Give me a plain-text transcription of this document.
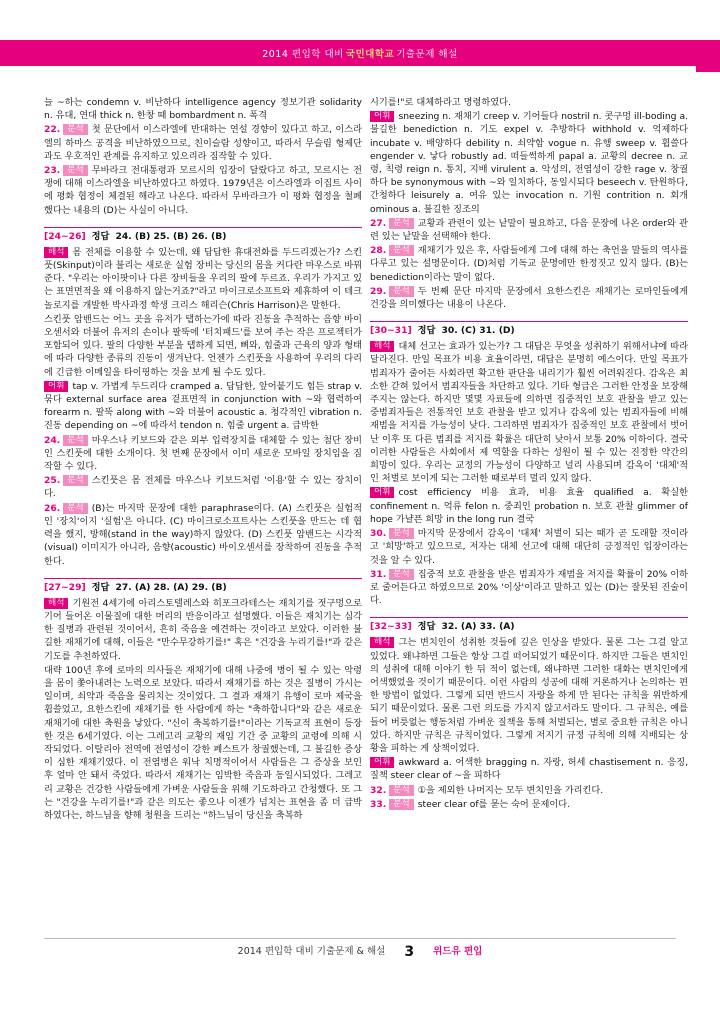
2014 편입학 대비 국민대학교 기출문제 해설

늘 ~하는 condemn v. 비난하다 intelligence agency 정보기관 solidarity n. 유대, 연대 thick n. 한창 때 bombardment n. 폭격

22. 분석 첫 문단에서 이스라엘에 반대하는 연설 경향이 있다고 하고, 이스라엘의 하마스 공격을 비난하였으므로, 친이슬람 성향이고, 따라서 무슬림 형제단과도 우호적인 관계를 유지하고 있으리라 짐작할 수 있다.

23. 분석 무바라크 전대통령과 모르시의 입장이 달랐다고 하고, 모르시는 전쟁에 대해 이스라엘을 비난하였다고 하였다. 1979년은 이스라엘과 이집트 사이에 평화 협정이 체결된 해라고 나온다. 따라서 무바라크가 이 평화 협정을 철폐했다는 내용의 (D)는 사실이 아니다.

[24~26] 정답 24. (B) 25. (B) 26. (B)

해석 몸 전체를 이용할 수 있는데, 왜 답답한 휴대전화를 두드리겠는가? 스킨풋(Skinput)이라 불리는 새로운 실험 장비는 당신의 몸을 커다란 마우스로 바꿔준다. "우리는 아이팟이나 다른 장비들을 우리의 팔에 두르죠. 우리가 가지고 있는 표면면적을 왜 이용하지 않는거죠?"라고 마이크로소프트와 제휴하여 이 테크놀로지를 개발한 박사과정 학생 크리스 해리슨(Chris Harrison)은 말한다.

스킨풋 암밴드는 어느 곳을 유저가 탭하는가에 따라 진동을 추적하는 음향 바이오센서와 더불어 유저의 손이나 팔뚝에 '터치패드'를 보여 주는 작은 프로젝터가 포함되어 있다. 팔의 다양한 부분을 탭하게 되면, 뼈와, 힘줄과 근육의 양과 형태에 따라 다양한 종류의 진동이 생겨난다. 언젠가 스킨풋을 사용하여 우리의 다리에 긴급한 이메일을 타이핑하는 것을 보게 될 수도 있다.

어휘 tap v. 가볍게 두드리다 cramped a. 답답한, 앞어붙기도 힘든 strap v. 묶다 external surface area 겉표면적 in conjunction with ~와 협력하여 forearm n. 팔뚝 along with ~와 더불어 acoustic a. 청각적인 vibration n. 진동 depending on ~에 따라서 tendon n. 힘줄 urgent a. 급박한

24. 분석 마우스나 키보드와 같은 외부 입력장치를 대체할 수 있는 첨단 장비인 스킨풋에 대한 소개이다. 첫 번째 문장에서 이미 새로운 모바일 장치임을 짐작할 수 있다.

25. 분석 스킨풋은 몸 전체를 마우스나 키보드처럼 '이용'할 수 있는 장치이다.

26. 분석 (B)는 마지막 문장에 대한 paraphrase이다. (A) 스킨풋은 실험적인 '장치'이지 '실험'은 아니다. (C) 마이크로소프트사는 스킨풋을 만드는 데 협력을 했지, 방해(stand in the way)하지 않았다. (D) 스킨풋 암밴드는 시각적(visual) 이미지가 아니라, 음향(acoustic) 바이오센서를 장착하여 진동을 추적한다.

[27~29] 정답 27. (A) 28. (A) 29. (B)

해석 기원전 4세기에 아리스토텔레스와 히포크라테스는 재치기를 젓구멍으로 기어 들어온 이물질에 대한 머리의 반응이라고 설명했다. 이들은 재치기는 심각한 질병과 관련된 것이어서, 흔히 죽음을 예견하는 것이라고 보았다. 이러한 불길한 재채기에 대해, 이들은 "만수무강하기를!" 혹은 "건강을 누리기를!"과 같은 기도를 추천하였다.

대략 100년 후에 로마의 의사들은 재채기에 대해 나중에 병이 될 수 있는 악령을 몸이 쫓아내려는 노력으로 보았다. 따라서 재채기를 하는 것은 질병이 가시는 일이며, 쇠약과 죽음을 물리치는 것이었다. 그 결과 재채기 유행이 로마 제국을 휩쓸었고, 요한스킨에 재채기를 한 사람에게 하는 "축하합니다"와 같은 새로운 재채기에 대한 축원을 낳았다. "신이 축복하기를!"이라는 기독교적 표현이 등장한 것은 6세기였다. 이는 그레고리 교황의 재임 기간 중 교황의 교령에 의해 시작되었다. 이탈리아 전역에 전염성이 강한 페스트가 창궐했는데, 그 불길한 증상이 심한 재채기였다. 이 전염병은 워낙 치명적이어서 사람들은 그 증상을 보인 후 얼마 안 돼서 죽었다. 따라서 재채기는 임박한 죽음과 동일시되었다. 그레고리 교황은 건강한 사람들에게 가벼운 사람들을 위해 기도하라고 간청했다. 또 그는 "건강을 누리기를!"과 같은 의도는 좋으나 이젠가 넘치는 표현을 좀 더 급박하였다는, 하느님을 향해 청원을 드리는 "하느님이 당신을 축복하

시기를!"로 대체하라고 명령하였다.

어휘 sneezing n. 재채기 creep v. 기어들다 nostril n. 콧구멍 ill-boding a. 불길한 benediction n. 기도 expel v. 추방하다 withhold v. 억제하다 incubate v. 배양하다 debility n. 쇠약함 vogue n. 유행 sweep v. 휩쓸다 engender v. 낳다 robustly ad. 떠들썩하게 papal a. 교황의 decree n. 교령, 칙령 reign n. 통치, 지배 virulent a. 악성의, 전염성이 강한 rage v. 창궐하다 be synonymous with ~와 일치하다, 동일시되다 beseech v. 탄원하다, 간청하다 leisurely a. 여유 있는 invocation n. 기원 contrition n. 회개 ominous a. 불길한 징조의

27. 분석 교황과 관련이 있는 낱말이 필요하고, 다음 문장에 나온 order와 관련 있는 낱말을 선택해야 한다.

28. 분석 재채기가 있은 후, 사람들에게 그에 대해 하는 축언을 말들의 역사를 다루고 있는 설명문이다. (D)처럼 기독교 문명에만 한정짓고 있지 않다. (B)는 benediction이라는 말이 없다.

29. 분석 두 번째 문단 마지막 문장에서 요한스킨은 재채기는 로마인들에게 건강을 의미했다는 내용이 나온다.

[30~31] 정답 30. (C) 31. (D)

해석 대체 선고는 효과가 있는가? 그 대답은 무엇을 성취하기 위해서냐에 따라 달라진다. 만일 목표가 비용 효율이라면, 대답은 분명히 예스이다. 만일 목표가 범죄자가 줄어든 사회라면 확고한 판단을 내리기가 훨씬 어려워진다. 감옥은 최소한 갇혀 있어서 범죄자들을 차단하고 있다. 기타 형급은 그러한 안정을 보장해주지는 않는다. 하지만 몇몇 자료들에 의하면 집중적인 보호 관찰을 받고 있는 중범죄자들은 전통적인 보호 관찰을 받고 있거나 감옥에 있는 범죄자들에 비해 재범을 저지를 가능성이 낮다. 그리하면 범죄자가 집중적인 보호 관찰에서 벗어난 이후 또 다른 범죄를 저지를 확률은 대단히 낮아서 보통 20% 이하이다. 결국 이러한 사람들은 사회에서 제 역할을 다하는 성원이 될 수 있는 진정한 약간의 희망이 있다. 우리는 교정의 가능성이 다양하고 널리 사용되며 감옥이 '대체'적인 처벌로 보이게 되는 그러한 때로부터 멀리 있지 않다.

어휘 cost efficiency 비용 효과, 비용 효율 qualified a. 확실한 confinement n. 억류 felon n. 중죄인 probation n. 보호 관찰 glimmer of hope 가냘픈 희망 in the long run 결국

30. 분석 마지막 문장에서 감옥이 '대체' 처벌이 되는 때가 곧 도래할 것이라고 '희망'하고 있으므로, 저자는 대체 선고에 대해 대단히 긍정적인 입장이라는 것을 알 수 있다.

31. 분석 집중적 보호 관찰을 받은 범죄자가 재범을 저지를 확률이 20% 이하로 줄어든다고 하였으므로 20% '이상'이라고 말하고 있는 (D)는 잘못된 진술이다.

[32~33] 정답 32. (A) 33. (A)

해석 그는 변치인이 성취한 것들에 깊은 인상을 받았다. 물론 그는 그걸 알고 있었다. 왜냐하면 그들은 항상 그걸 떠어되었기 때문이다. 하지만 그들은 변치인의 성취에 대해 이야기 한 뒤 적이 없는데, 왜냐하면 그러한 대화는 변치인에게 어색했었을 것이기 때문이다. 이런 사람의 성공에 대해 거론하거나 논의하는 편한 방법이 없었다. 그렇게 되면 반드시 자랑을 하게 만 된다는 규칙을 위반하게 되기 때문이었다. 물론 그런 의도를 가지지 않고서라도 말이다. 그 규칙은, 예를 들어 버릇없는 행동처럼 가벼운 질책을 통해 처벌되는, 별로 중요한 규칙은 아니었다. 하지만 규칙은 규칙이었다. 그렇게 저지기 규정 규칙에 의해 지배되는 상황을 피하는 게 상책이었다.

어휘 awkward a. 어색한 bragging n. 자랑, 허세 chastisement n. 응징, 질책 steer clear of ~을 피하다

32. 분석 ①을 제외한 나머지는 모두 변치인을 가리킨다.

33. 분석 steer clear of를 묻는 숙어 문제이다.

2014 편입학 대비 기출문제 & 해설 3 위드유 편입
